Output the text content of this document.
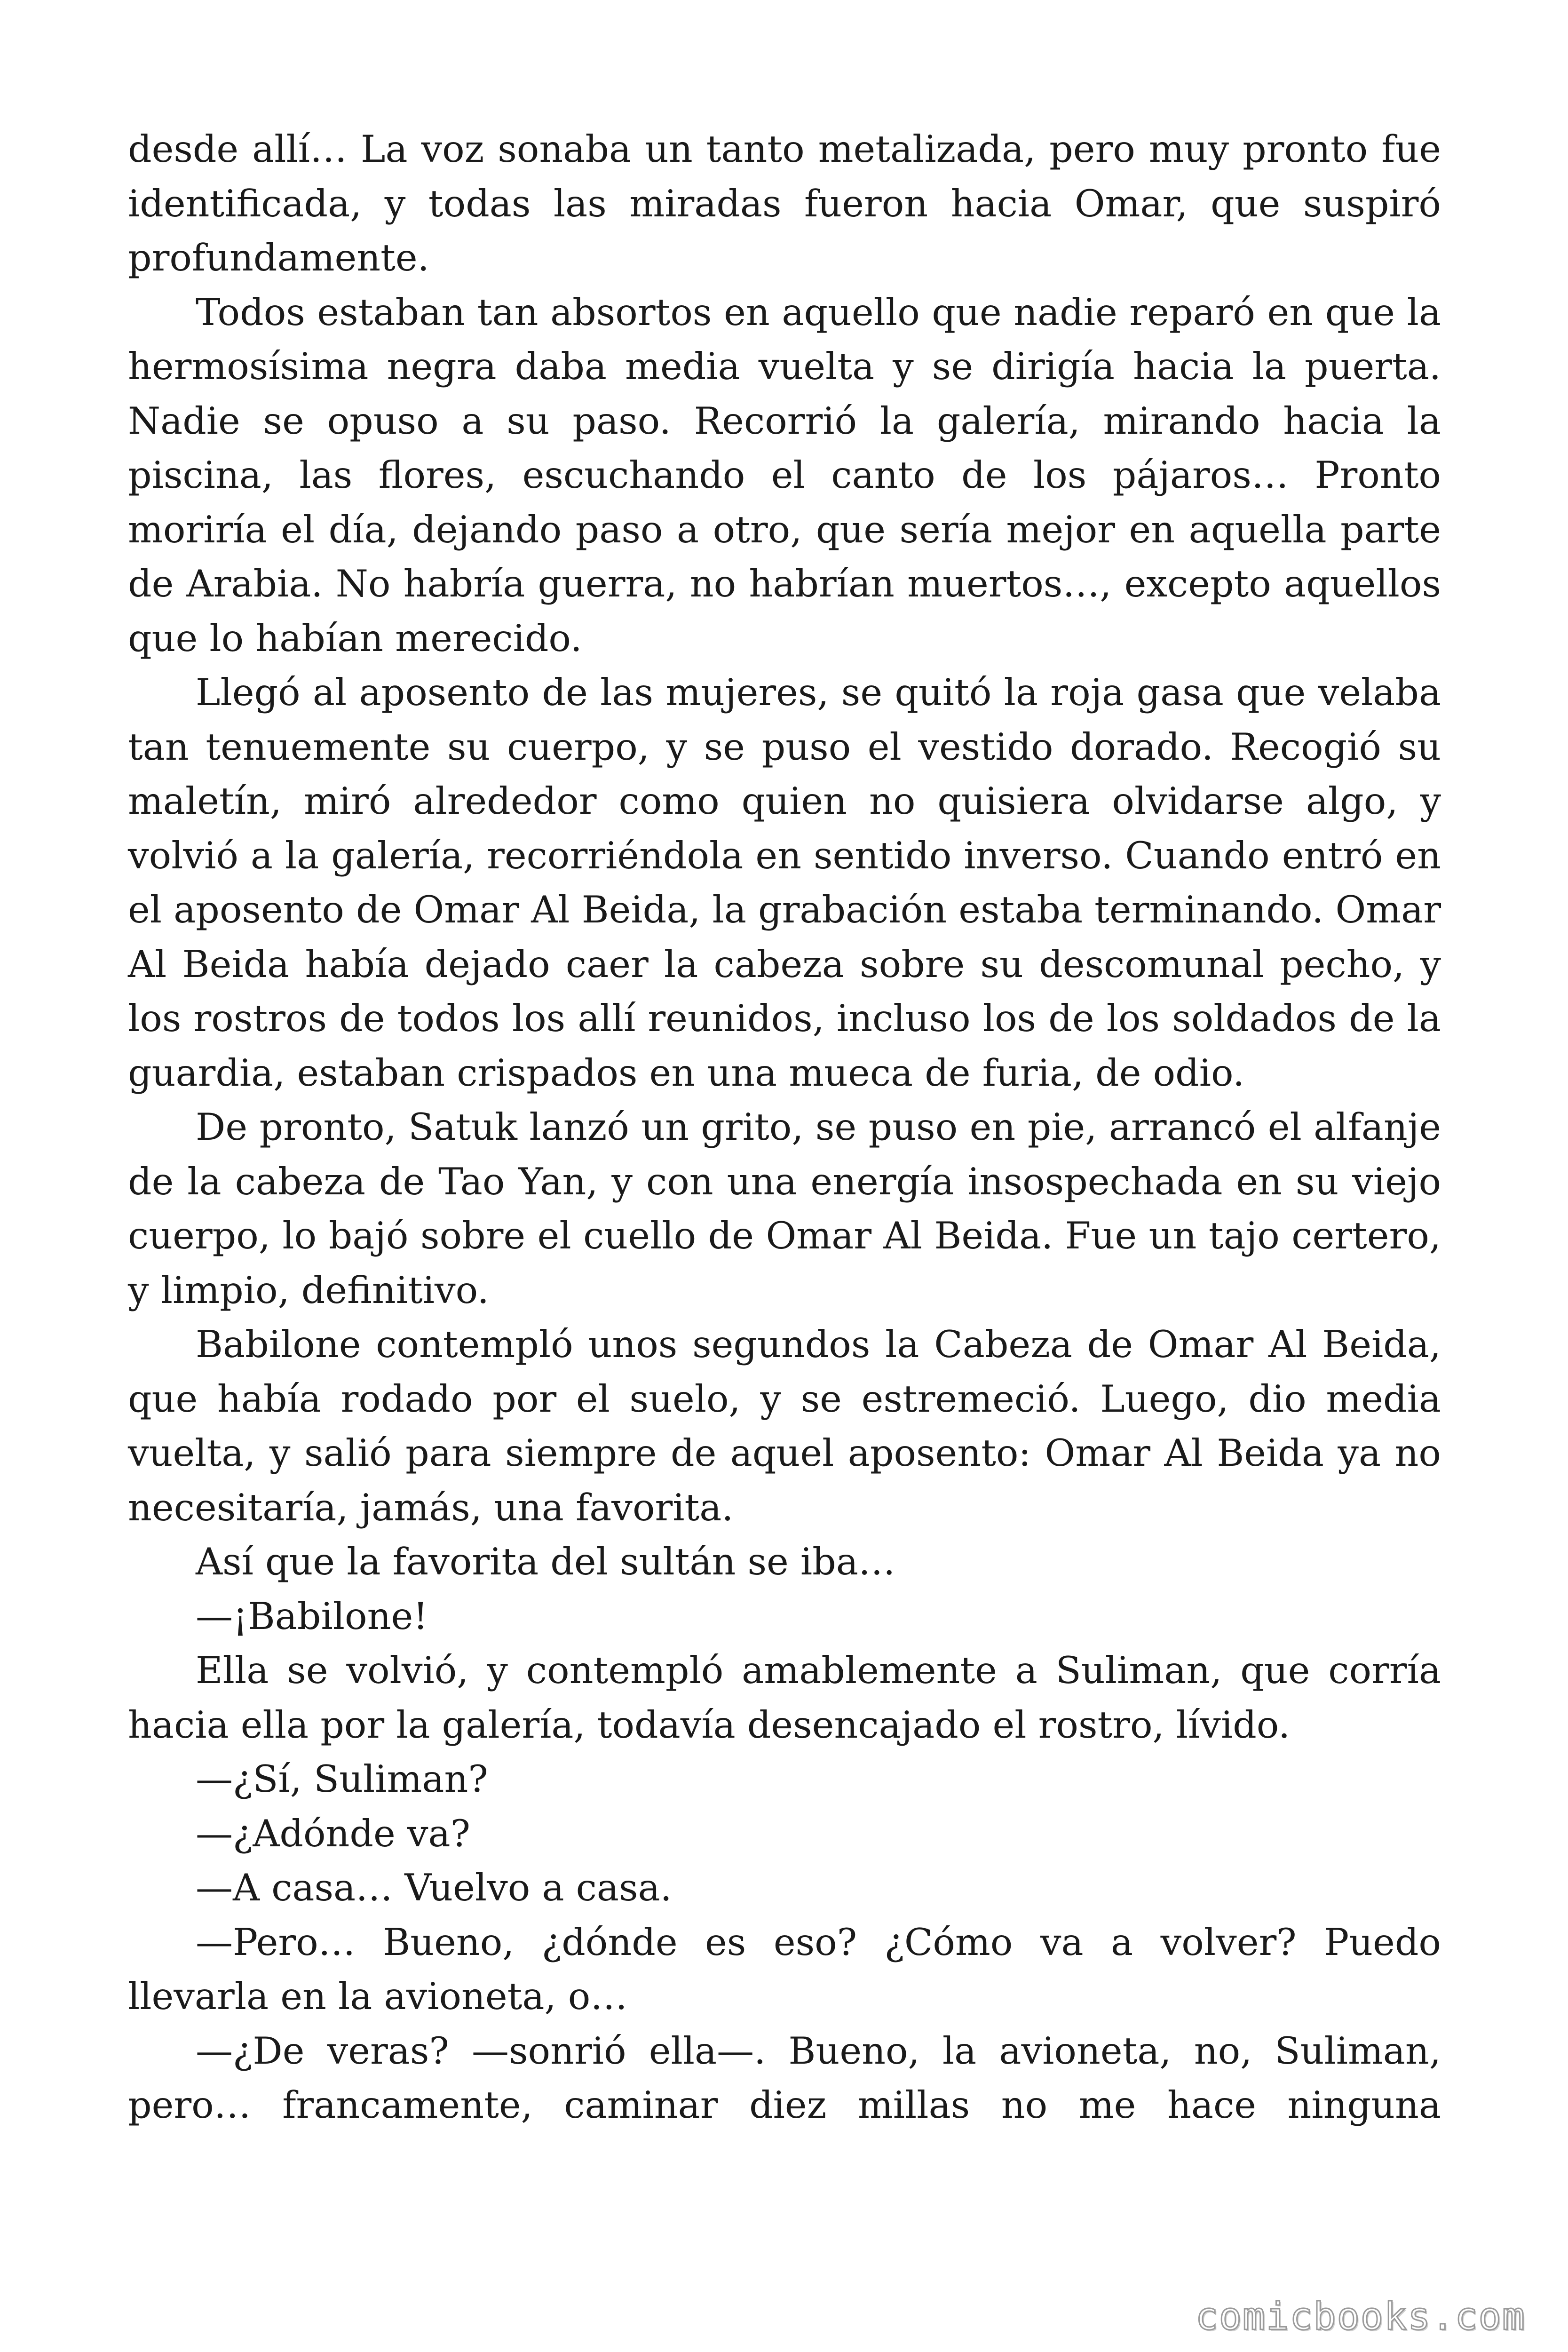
desde allí… La voz sonaba un tanto metalizada, pero muy pronto fue identificada, y todas las miradas fueron hacia Omar, que suspiró profundamente.

Todos estaban tan absortos en aquello que nadie reparó en que la hermosísima negra daba media vuelta y se dirigía hacia la puerta. Nadie se opuso a su paso. Recorrió la galería, mirando hacia la piscina, las flores, escuchando el canto de los pájaros… Pronto moriría el día, dejando paso a otro, que sería mejor en aquella parte de Arabia. No habría guerra, no habrían muertos…, excepto aquellos que lo habían merecido.

Llegó al aposento de las mujeres, se quitó la roja gasa que velaba tan tenuemente su cuerpo, y se puso el vestido dorado. Recogió su maletín, miró alrededor como quien no quisiera olvidarse algo, y volvió a la galería, recorriéndola en sentido inverso. Cuando entró en el aposento de Omar Al Beida, la grabación estaba terminando. Omar Al Beida había dejado caer la cabeza sobre su descomunal pecho, y los rostros de todos los allí reunidos, incluso los de los soldados de la guardia, estaban crispados en una mueca de furia, de odio.

De pronto, Satuk lanzó un grito, se puso en pie, arrancó el alfanje de la cabeza de Tao Yan, y con una energía insospechada en su viejo cuerpo, lo bajó sobre el cuello de Omar Al Beida. Fue un tajo certero, y limpio, definitivo.

Babilone contempló unos segundos la Cabeza de Omar Al Beida, que había rodado por el suelo, y se estremeció. Luego, dio media vuelta, y salió para siempre de aquel aposento: Omar Al Beida ya no necesitaría, jamás, una favorita.

Así que la favorita del sultán se iba…

—¡Babilone!

Ella se volvió, y contempló amablemente a Suliman, que corría hacia ella por la galería, todavía desencajado el rostro, lívido.

—¿Sí, Suliman?

—¿Adónde va?

—A casa… Vuelvo a casa.

—Pero… Bueno, ¿dónde es eso? ¿Cómo va a volver? Puedo llevarla en la avioneta, o…

—¿De veras? —sonrió ella—. Bueno, la avioneta, no, Suliman, pero… francamente, caminar diez millas no me hace ninguna

comicbooks.com
